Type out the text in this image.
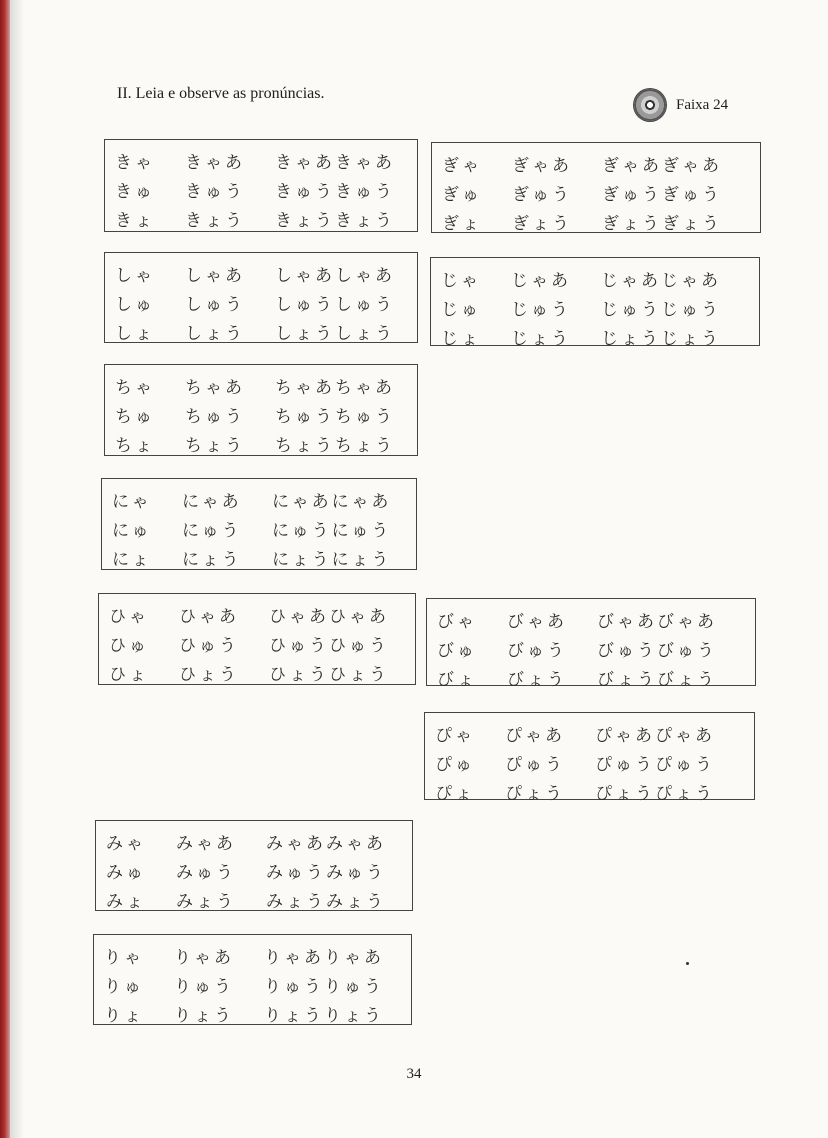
II. Leia e observe as pronúncias.
Faixa 24
きゃ	きゃあ	きゃあきゃあ
きゅ	きゅう	きゅうきゅう
きょ	きょう	きょうきょう
ぎゃ	ぎゃあ	ぎゃあぎゃあ
ぎゅ	ぎゅう	ぎゅうぎゅう
ぎょ	ぎょう	ぎょうぎょう
しゃ	しゃあ	しゃあしゃあ
しゅ	しゅう	しゅうしゅう
しょ	しょう	しょうしょう
じゃ	じゃあ	じゃあじゃあ
じゅ	じゅう	じゅうじゅう
じょ	じょう	じょうじょう
ちゃ	ちゃあ	ちゃあちゃあ
ちゅ	ちゅう	ちゅうちゅう
ちょ	ちょう	ちょうちょう
にゃ	にゃあ	にゃあにゃあ
にゅ	にゅう	にゅうにゅう
にょ	にょう	にょうにょう
ひゃ	ひゃあ	ひゃあひゃあ
ひゅ	ひゅう	ひゅうひゅう
ひょ	ひょう	ひょうひょう
びゃ	びゃあ	びゃあびゃあ
びゅ	びゅう	びゅうびゅう
びょ	びょう	びょうびょう
ぴゃ	ぴゃあ	ぴゃあぴゃあ
ぴゅ	ぴゅう	ぴゅうぴゅう
ぴょ	ぴょう	ぴょうぴょう
みゃ	みゃあ	みゃあみゃあ
みゅ	みゅう	みゅうみゅう
みょ	みょう	みょうみょう
りゃ	りゃあ	りゃありゃあ
りゅ	りゅう	りゅうりゅう
りょ	りょう	りょうりょう
34
